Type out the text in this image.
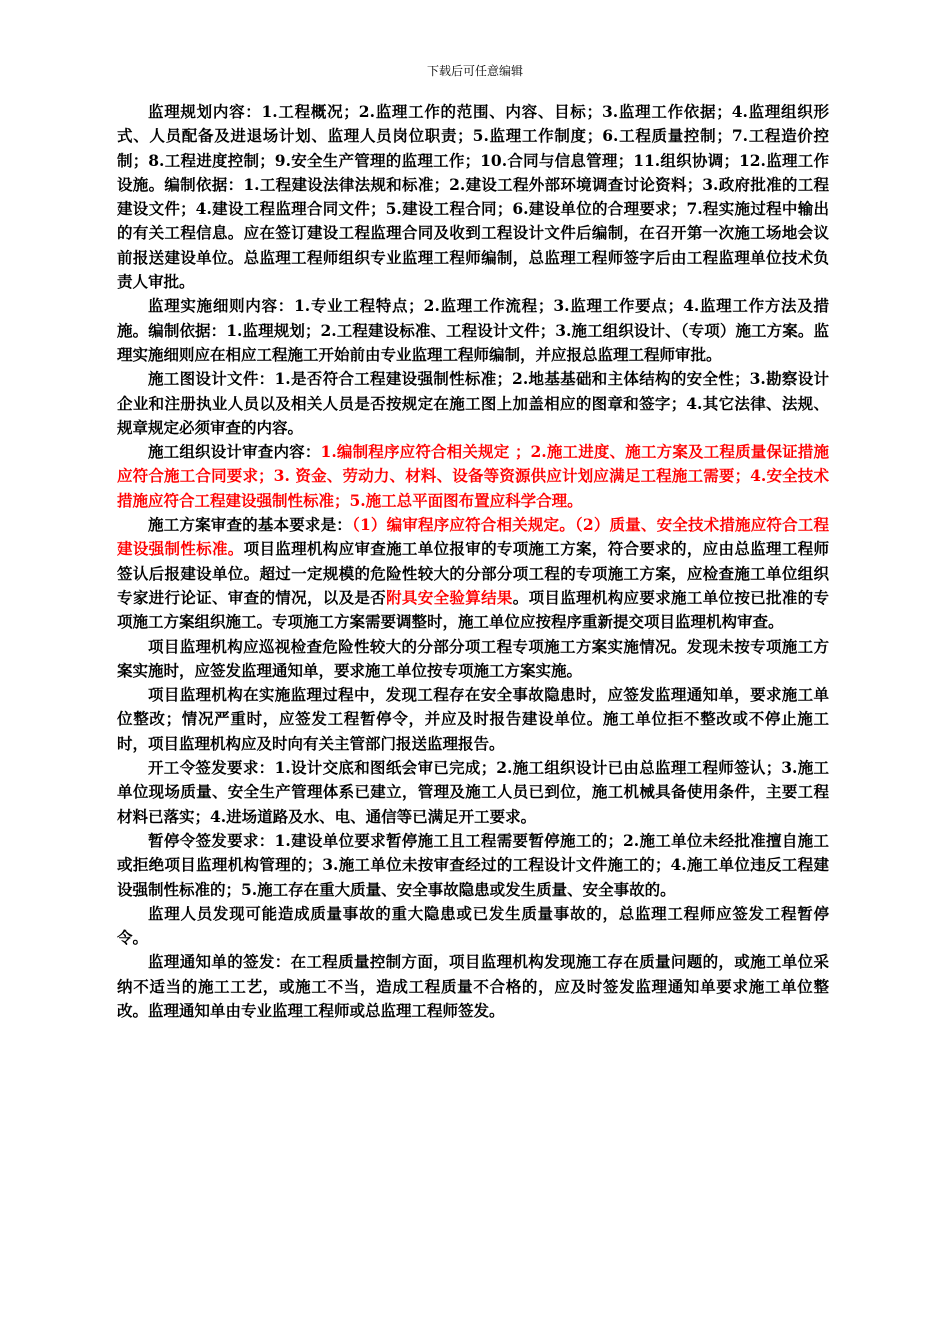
下载后可任意编辑

监理规划内容：1.工程概况；2.监理工作的范围、内容、目标；3.监理工作依据；4.监理组织形式、人员配备及进退场计划、监理人员岗位职责；5.监理工作制度；6.工程质量控制；7.工程造价控制；8.工程进度控制；9.安全生产管理的监理工作；10.合同与信息管理；11.组织协调；12.监理工作设施。编制依据：1.工程建设法律法规和标准；2.建设工程外部环境调查讨论资料；3.政府批准的工程建设文件；4.建设工程监理合同文件；5.建设工程合同；6.建设单位的合理要求；7.程实施过程中输出的有关工程信息。应在签订建设工程监理合同及收到工程设计文件后编制，在召开第一次施工场地会议前报送建设单位。总监理工程师组织专业监理工程师编制，总监理工程师签字后由工程监理单位技术负责人审批。

监理实施细则内容：1.专业工程特点；2.监理工作流程；3.监理工作要点；4.监理工作方法及措施。编制依据：1.监理规划；2.工程建设标准、工程设计文件；3.施工组织设计、（专项）施工方案。监理实施细则应在相应工程施工开始前由专业监理工程师编制，并应报总监理工程师审批。

施工图设计文件：1.是否符合工程建设强制性标准；2.地基基础和主体结构的安全性；3.勘察设计企业和注册执业人员以及相关人员是否按规定在施工图上加盖相应的图章和签字；4.其它法律、法规、规章规定必须审查的内容。

施工组织设计审查内容：1.编制程序应符合相关规定 ；2.施工进度、施工方案及工程质量保证措施应符合施工合同要求；3. 资金、劳动力、材料、设备等资源供应计划应满足工程施工需要；4.安全技术措施应符合工程建设强制性标准；5.施工总平面图布置应科学合理。

施工方案审查的基本要求是：（1）编审程序应符合相关规定。（2）质量、安全技术措施应符合工程建设强制性标准。项目监理机构应审查施工单位报审的专项施工方案，符合要求的，应由总监理工程师签认后报建设单位。超过一定规模的危险性较大的分部分项工程的专项施工方案，应检查施工单位组织专家进行论证、审查的情况，以及是否附具安全验算结果。项目监理机构应要求施工单位按已批准的专项施工方案组织施工。专项施工方案需要调整时，施工单位应按程序重新提交项目监理机构审查。

项目监理机构应巡视检查危险性较大的分部分项工程专项施工方案实施情况。发现未按专项施工方案实施时，应签发监理通知单，要求施工单位按专项施工方案实施。

项目监理机构在实施监理过程中，发现工程存在安全事故隐患时，应签发监理通知单，要求施工单位整改；情况严重时，应签发工程暂停令，并应及时报告建设单位。施工单位拒不整改或不停止施工时，项目监理机构应及时向有关主管部门报送监理报告。

开工令签发要求：1.设计交底和图纸会审已完成；2.施工组织设计已由总监理工程师签认；3.施工单位现场质量、安全生产管理体系已建立，管理及施工人员已到位，施工机械具备使用条件，主要工程材料已落实；4.进场道路及水、电、通信等已满足开工要求。

暂停令签发要求：1.建设单位要求暂停施工且工程需要暂停施工的；2.施工单位未经批准擅自施工或拒绝项目监理机构管理的；3.施工单位未按审查经过的工程设计文件施工的；4.施工单位违反工程建设强制性标准的；5.施工存在重大质量、安全事故隐患或发生质量、安全事故的。

监理人员发现可能造成质量事故的重大隐患或已发生质量事故的，总监理工程师应签发工程暂停令。

监理通知单的签发：在工程质量控制方面，项目监理机构发现施工存在质量问题的，或施工单位采纳不适当的施工工艺，或施工不当，造成工程质量不合格的，应及时签发监理通知单要求施工单位整改。监理通知单由专业监理工程师或总监理工程师签发。
